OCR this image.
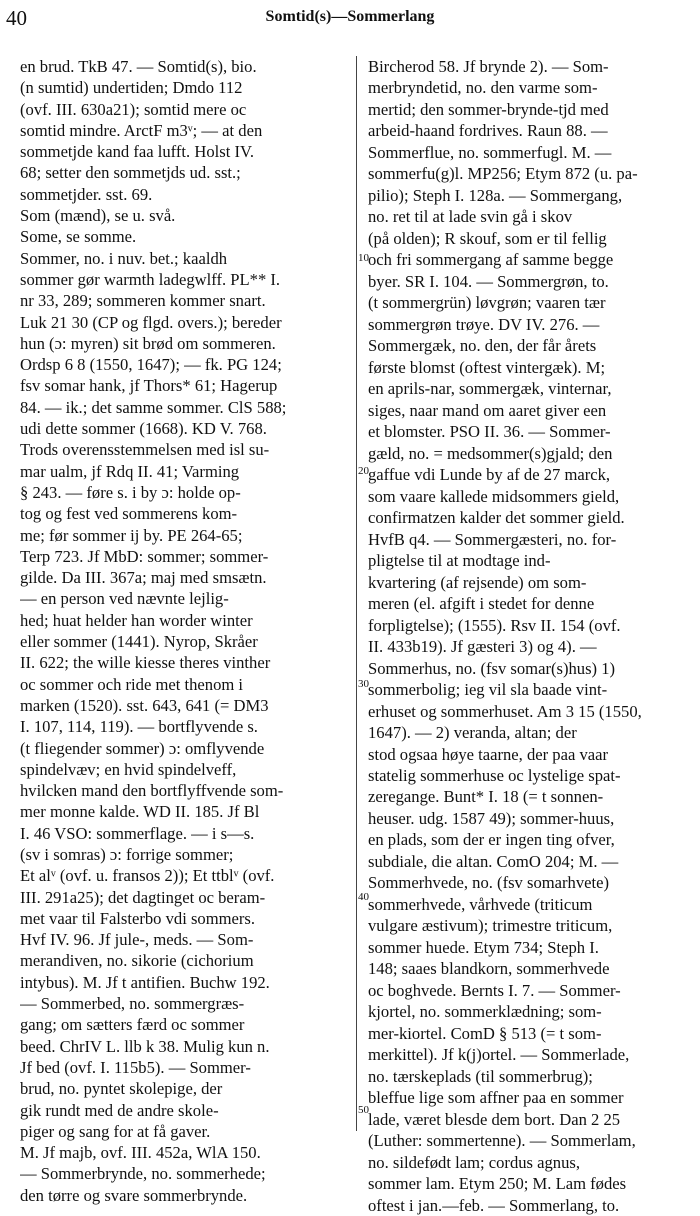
40	Somtid(s)—Sommerlang
en brud. TkB 47. — Somtid(s), bio.
(n sumtid) undertiden; Dmdo 112
(ovf. III. 630a21); somtid mere oc
somtid mindre. ArctF m3ᵛ; — at den
sommetjde kand faa lufft. Holst IV.
68; setter den sommetjds ud. sst.;
sommetjder. sst. 69.
Som (mænd), se u. svå.
Some, se somme.
Sommer, no. i nuv. bet.; kaaldh
sommer gør warmth ladegwlff. PL** I.
nr 33, 289; sommeren kommer snart.
Luk 21 30 (CP og flgd. overs.); bereder
hun (ɔ: myren) sit brød om sommeren.
Ordsp 6 8 (1550, 1647); — fk. PG 124;
fsv somar hank, jf Thors* 61; Hagerup
84. — ik.; det samme sommer. ClS 588;
udi dette sommer (1668). KD V. 768.
Trods overensstemmelsen med isl su-
mar ualm, jf Rdq II. 41; Varming
§ 243. — føre s. i by ɔ: holde op-
tog og fest ved sommerens kom-
me; før sommer ij by. PE 264-65;
Terp 723. Jf MbD: sommer; sommer-
gilde. Da III. 367a; maj med smsætn.
— en person ved nævnte lejlig-
hed; huat helder han worder winter
eller sommer (1441). Nyrop, Skråer
II. 622; the wille kiesse theres vinther
oc sommer och ride met thenom i
marken (1520). sst. 643, 641 (= DM3
I. 107, 114, 119). — bortflyvende s.
(t fliegender sommer) ɔ: omflyvende
spindelvæv; en hvid spindelveff,
hvilcken mand den bortflyffvende som-
mer monne kalde. WD II. 185. Jf Bl
I. 46 VSO: sommerflage. — i s—s.
(sv i somras) ɔ: forrige sommer;
Et alᵛ (ovf. u. fransos 2)); Et ttblᵛ (ovf.
III. 291a25); det dagtinget oc beram-
met vaar til Falsterbo vdi sommers.
Hvf IV. 96. Jf jule-, meds. — Som-
merandiven, no. sikorie (cichorium
intybus). M. Jf t antifien. Buchw 192.
— Sommerbed, no. sommergræs-
gang; om sætters færd oc sommer
beed. ChrIV L. llb k 38. Mulig kun n.
Jf bed (ovf. I. 115b5). — Sommer-
brud, no. pyntet skolepige, der
gik rundt med de andre skole-
piger og sang for at få gaver.
M. Jf majb, ovf. III. 452a, WlA 150.
— Sommerbrynde, no. sommerhede;
den tørre og svare sommerbrynde.
10
20
30
40
50
Bircherod 58. Jf brynde 2). — Som-
merbryndetid, no. den varme som-
mertid; den sommer-brynde-tjd med
arbeid-haand fordrives. Raun 88. —
Sommerflue, no. sommerfugl. M. —
sommerfu(g)l. MP256; Etym 872 (u. pa-
pilio); Steph I. 128a. — Sommergang,
no. ret til at lade svin gå i skov
(på olden); R skouf, som er til fellig
och fri sommergang af samme begge
byer. SR I. 104. — Sommergrøn, to.
(t sommergrün) løvgrøn; vaaren tær
sommergrøn trøye. DV IV. 276. —
Sommergæk, no. den, der får årets
første blomst (oftest vintergæk). M;
en aprils-nar, sommergæk, vinternar,
siges, naar mand om aaret giver een
et blomster. PSO II. 36. — Sommer-
gæld, no. = medsommer(s)gjald; den
gaffue vdi Lunde by af de 27 marck,
som vaare kallede midsommers gield,
confirmatzen kalder det sommer gield.
HvfB q4. — Sommergæsteri, no. for-
pligtelse til at modtage ind-
kvartering (af rejsende) om som-
meren (el. afgift i stedet for denne
forpligtelse); (1555). Rsv II. 154 (ovf.
II. 433b19). Jf gæsteri 3) og 4). —
Sommerhus, no. (fsv somar(s)hus) 1)
sommerbolig; ieg vil sla baade vint-
erhuset og sommerhuset. Am 3 15 (1550,
1647). — 2) veranda, altan; der
stod ogsaa høye taarne, der paa vaar
statelig sommerhuse oc lystelige spat-
zeregange. Bunt* I. 18 (= t sonnen-
heuser. udg. 1587 49); sommer-huus,
en plads, som der er ingen ting ofver,
subdiale, die altan. ComO 204; M. —
Sommerhvede, no. (fsv somarhvete)
sommerhvede, vårhvede (triticum
vulgare æstivum); trimestre triticum,
sommer huede. Etym 734; Steph I.
148; saaes blandkorn, sommerhvede
oc boghvede. Bernts I. 7. — Sommer-
kjortel, no. sommerklædning; som-
mer-kiortel. ComD § 513 (= t som-
merkittel). Jf k(j)ortel. — Sommerlade,
no. tærskeplads (til sommerbrug);
bleffue lige som affner paa en sommer
lade, været blesde dem bort. Dan 2 25
(Luther: sommertenne). — Sommerlam,
no. sildefødt lam; cordus agnus,
sommer lam. Etym 250; M. Lam fødes
oftest i jan.—feb. — Sommerlang, to.
